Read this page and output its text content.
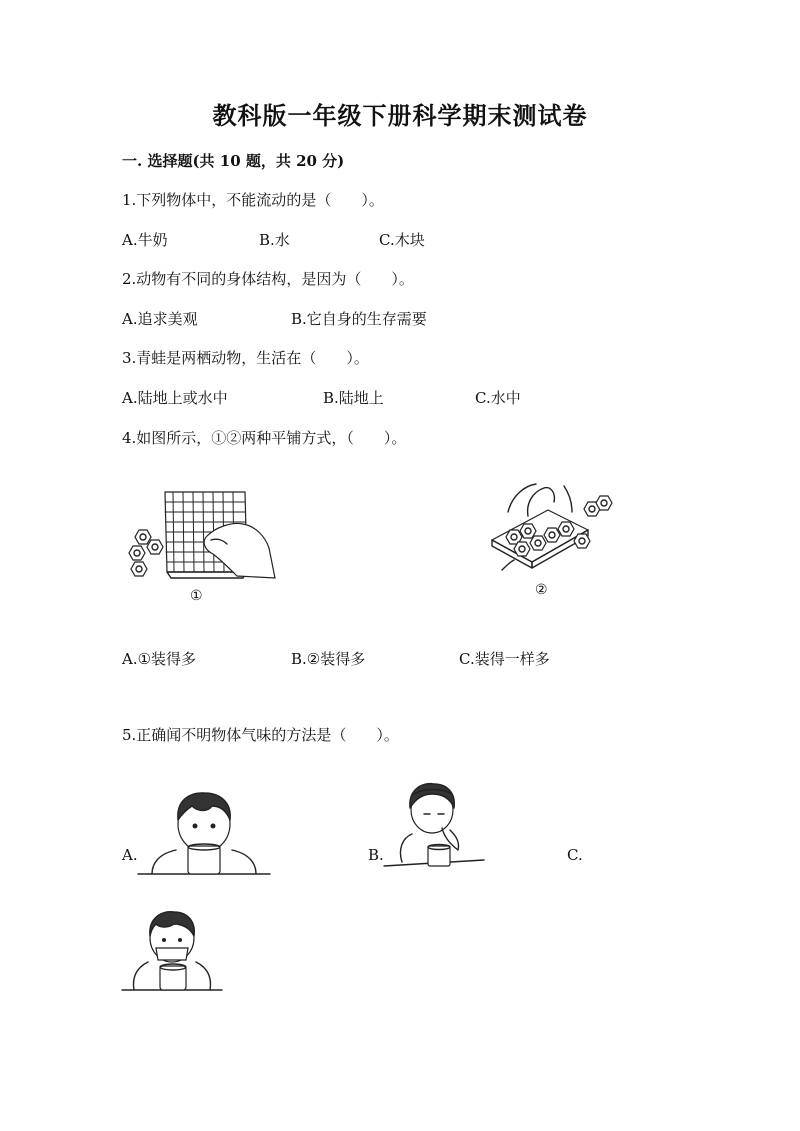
教科版一年级下册科学期末测试卷
一. 选择题(共 10 题，共 20 分)
1.下列物体中，不能流动的是（　　）。
A.牛奶	B.水	C.木块
2.动物有不同的身体结构，是因为（　　）。
A.追求美观	B.它自身的生存需要
3.青蛙是两栖动物，生活在（　　）。
A.陆地上或水中	B.陆地上	C.水中
4.如图所示，①②两种平铺方式，（　　）。
①	②
A.①装得多	B.②装得多	C.装得一样多
5.正确闻不明物体气味的方法是（　　）。
A.	B.	C.
